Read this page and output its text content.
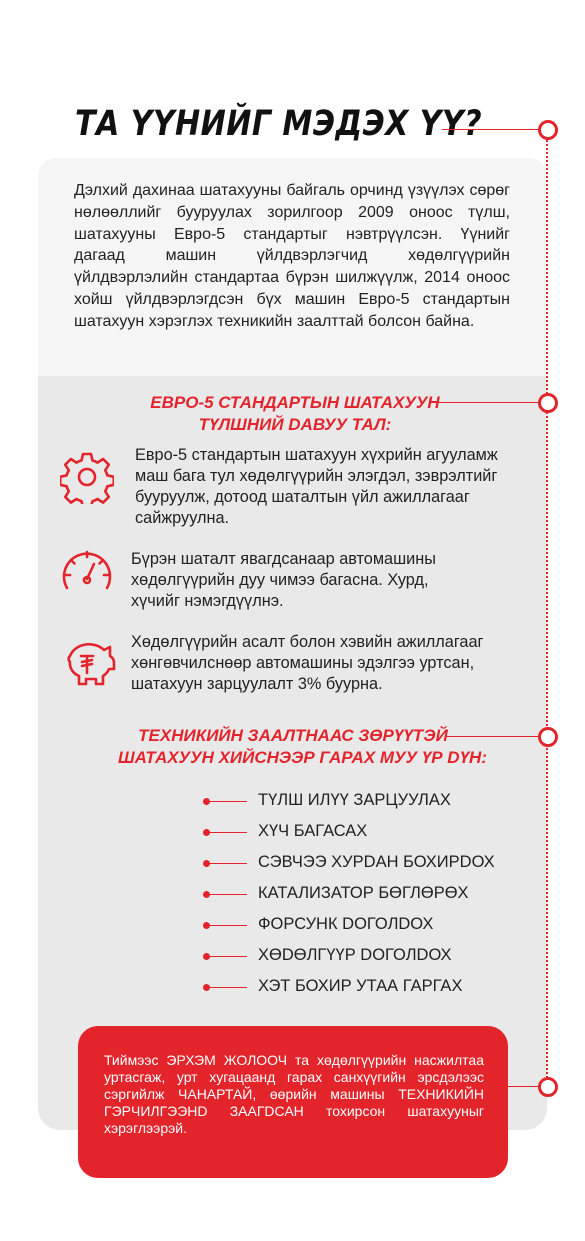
ТА ҮҮНИЙГ МЭДЭХ ҮҮ?
Дэлхий дахинаа шатахууны байгаль орчинд үзүүлэх сөрөг нөлөөллийг бууруулах зорилгоор 2009 оноос түлш, шатахууны Евро-5 стандартыг нэвтрүүлсэн. Үүнийг дагаад машин үйлдвэрлэгчид хөдөлгүүрийн үйлдвэрлэлийн стандартаа бүрэн шилжүүлж, 2014 оноос хойш үйлдвэрлэгдсэн бүх машин Евро-5 стандартын шатахуун хэрэглэх техникийн заалттай болсон байна.
ЕВРО-5 СТАНДАРТЫН ШАТАХУУН
ТҮЛШНИЙ DАВУУ ТАЛ:
Евро-5 стандартын шатахуун хүхрийн агууламж маш бага тул хөдөлгүүрийн элэгдэл, зэврэлтийг бууруулж, дотоод шаталтын үйл ажиллагааг сайжруулна.
Бүрэн шаталт явагдсанаар автомашины хөдөлгүүрийн дуу чимээ багасна. Хурд, хүчийг нэмэгдүүлнэ.
Хөдөлгүүрийн асалт болон хэвийн ажиллагааг хөнгөвчилснөөр автомашины эдэлгээ уртсан, шатахуун зарцуулалт 3% буурна.
ТЕХНИКИЙН ЗААЛТНААС ЗӨРҮҮТЭЙ
ШАТАХУУН ХИЙСНЭЭР ГАРАХ МУУ ҮР DҮН:
ТҮЛШ ИЛҮҮ ЗАРЦУУЛАХ
ХҮЧ БАГАСАХ
СЭВЧЭЭ ХУРDАН БОХИРDОХ
КАТАЛИЗАТОР БӨГЛӨРӨХ
ФОРСУНК DОГОЛDОХ
ХӨDӨЛГҮҮР DОГОЛDОХ
ХЭТ БОХИР УТАА ГАРГАХ
Тиймээс ЭРХЭМ ЖОЛООЧ та хөдөлгүүрийн насжилтаа уртасгаж, урт хугацаанд гарах санхүүгийн эрсдэлээс сэргийлж ЧАНАРТАЙ, өөрийн машины ТЕХНИКИЙН ГЭРЧИЛГЭЭНD ЗААГDСАН тохирсон шатахууныг хэрэглээрэй.
